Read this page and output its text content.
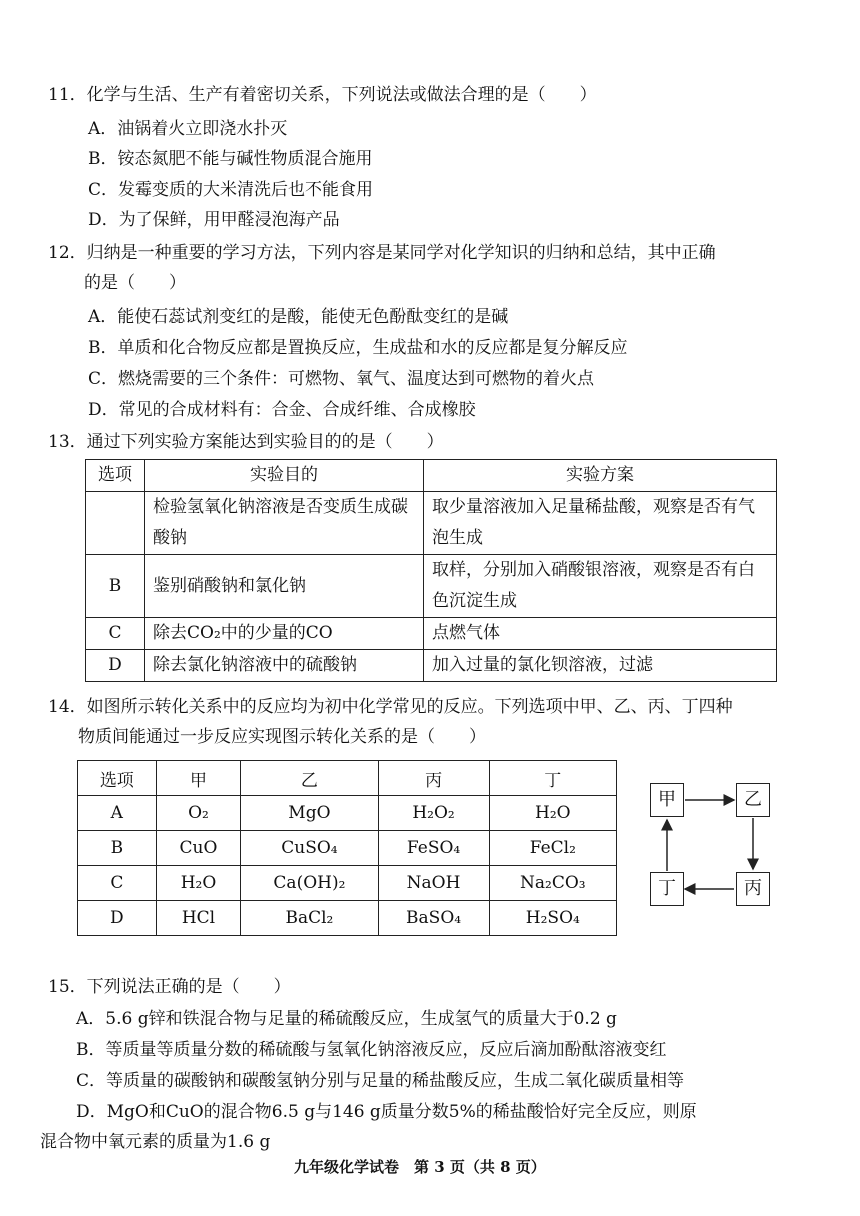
11．化学与生活、生产有着密切关系，下列说法或做法合理的是（　　）
A．油锅着火立即浇水扑灭
B．铵态氮肥不能与碱性物质混合施用
C．发霉变质的大米清洗后也不能食用
D．为了保鲜，用甲醛浸泡海产品
12．归纳是一种重要的学习方法，下列内容是某同学对化学知识的归纳和总结，其中正确
的是（　　）
A．能使石蕊试剂变红的是酸，能使无色酚酞变红的是碱
B．单质和化合物反应都是置换反应，生成盐和水的反应都是复分解反应
C．燃烧需要的三个条件：可燃物、氧气、温度达到可燃物的着火点
D．常见的合成材料有：合金、合成纤维、合成橡胶
13．通过下列实验方案能达到实验目的的是（　　）
选项	实验目的	实验方案
	检验氢氧化钠溶液是否变质生成碳酸钠	取少量溶液加入足量稀盐酸，观察是否有气泡生成
B	鉴别硝酸钠和氯化钠	取样，分别加入硝酸银溶液，观察是否有白色沉淀生成
C	除去CO₂中的少量的CO	点燃气体
D	除去氯化钠溶液中的硫酸钠	加入过量的氯化钡溶液，过滤
14．如图所示转化关系中的反应均为初中化学常见的反应。下列选项中甲、乙、丙、丁四种
物质间能通过一步反应实现图示转化关系的是（　　）
选项	甲	乙	丙	丁
A	O₂	MgO	H₂O₂	H₂O
B	CuO	CuSO₄	FeSO₄	FeCl₂
C	H₂O	Ca(OH)₂	NaOH	Na₂CO₃
D	HCl	BaCl₂	BaSO₄	H₂SO₄
甲	乙
丙
丁
15．下列说法正确的是（　　）
A．5.6 g锌和铁混合物与足量的稀硫酸反应，生成氢气的质量大于0.2 g
B．等质量等质量分数的稀硫酸与氢氧化钠溶液反应，反应后滴加酚酞溶液变红
C．等质量的碳酸钠和碳酸氢钠分别与足量的稀盐酸反应，生成二氧化碳质量相等
D．MgO和CuO的混合物6.5 g与146 g质量分数5%的稀盐酸恰好完全反应，则原
混合物中氧元素的质量为1.6 g
九年级化学试卷　第 3 页（共 8 页）
